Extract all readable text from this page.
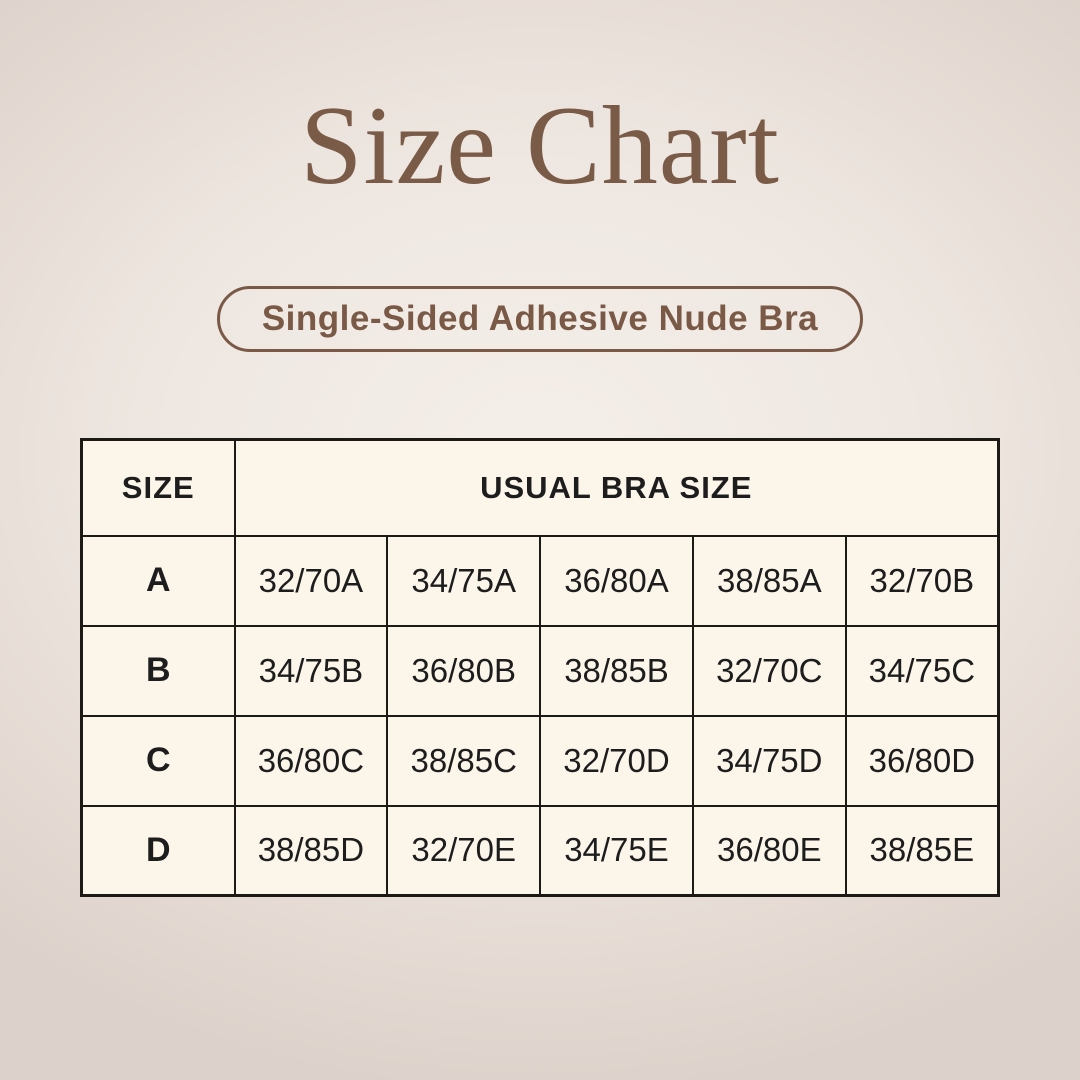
Size Chart
Single-Sided Adhesive Nude Bra
SIZE	USUAL BRA SIZE				
A	32/70A	34/75A	36/80A	38/85A	32/70B
B	34/75B	36/80B	38/85B	32/70C	34/75C
C	36/80C	38/85C	32/70D	34/75D	36/80D
D	38/85D	32/70E	34/75E	36/80E	38/85E
